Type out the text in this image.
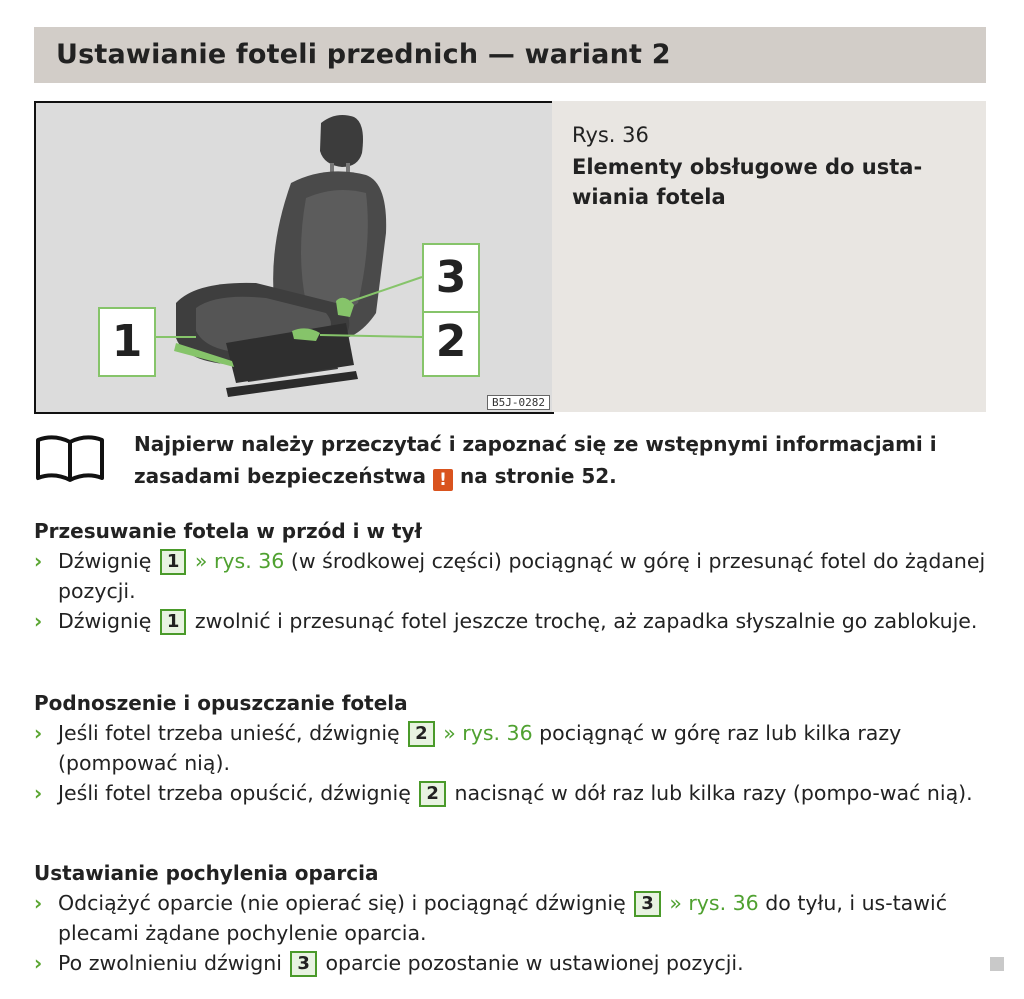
Ustawianie foteli przednich — wariant 2
1	2
3
B5J-0282
Rys. 36
Elementy obsługowe do usta-
wiania fotela
Najpierw należy przeczytać i zapoznać się ze wstępnymi informacjami i zasadami bezpieczeństwa ! na stronie 52.
Przesuwanie fotela w przód i w tył
› Dźwignię 1 » rys. 36 (w środkowej części) pociągnąć w górę i przesunąć fotel do żądanej pozycji.
› Dźwignię 1 zwolnić i przesunąć fotel jeszcze trochę, aż zapadka słyszalnie go zablokuje.
Podnoszenie i opuszczanie fotela
› Jeśli fotel trzeba unieść, dźwignię 2 » rys. 36 pociągnąć w górę raz lub kilka razy (pompować nią).
› Jeśli fotel trzeba opuścić, dźwignię 2 nacisnąć w dół raz lub kilka razy (pompo-wać nią).
Ustawianie pochylenia oparcia
› Odciążyć oparcie (nie opierać się) i pociągnąć dźwignię 3 » rys. 36 do tyłu, i us-tawić plecami żądane pochylenie oparcia.
› Po zwolnieniu dźwigni 3 oparcie pozostanie w ustawionej pozycji.
